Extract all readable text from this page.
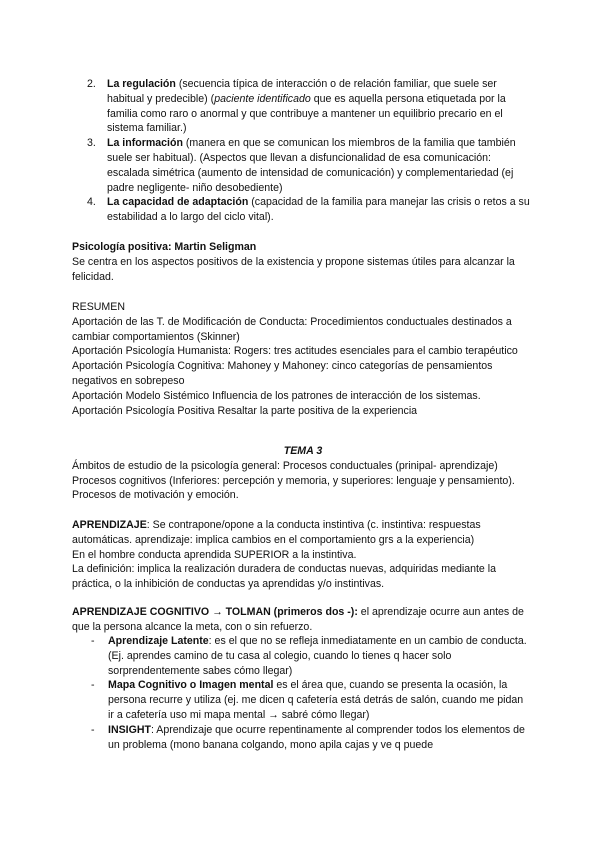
2. La regulación (secuencia típica de interacción o de relación familiar, que suele ser habitual y predecible) (paciente identificado que es aquella persona etiquetada por la familia como raro o anormal y que contribuye a mantener un equilibrio precario en el sistema familiar.)
3. La información (manera en que se comunican los miembros de la familia que también suele ser habitual). (Aspectos que llevan a disfuncionalidad de esa comunicación: escalada simétrica (aumento de intensidad de comunicación) y complementariedad (ej padre negligente- niño desobediente)
4. La capacidad de adaptación (capacidad de la familia para manejar las crisis o retos a su estabilidad a lo largo del ciclo vital).
Psicología positiva: Martin Seligman
Se centra en los aspectos positivos de la existencia y propone sistemas útiles para alcanzar la felicidad.
RESUMEN
Aportación de las T. de Modificación de Conducta: Procedimientos conductuales destinados a cambiar comportamientos (Skinner)
Aportación Psicología Humanista: Rogers: tres actitudes esenciales para el cambio terapéutico
Aportación Psicología Cognitiva: Mahoney y Mahoney: cinco categorías de pensamientos negativos en sobrepeso
Aportación Modelo Sistémico Influencia de los patrones de interacción de los sistemas.
Aportación Psicología Positiva Resaltar la parte positiva de la experiencia
TEMA 3
Ámbitos de estudio de la psicología general: Procesos conductuales (prinipal- aprendizaje)
Procesos cognitivos (Inferiores: percepción y memoria, y superiores: lenguaje y pensamiento). Procesos de motivación y emoción.
APRENDIZAJE: Se contrapone/opone a la conducta instintiva (c. instintiva: respuestas automáticas. aprendizaje: implica cambios en el comportamiento grs a la experiencia)
En el hombre conducta aprendida SUPERIOR a la instintiva.
La definición: implica la realización duradera de conductas nuevas, adquiridas mediante la práctica, o la inhibición de conductas ya aprendidas y/o instintivas.
APRENDIZAJE COGNITIVO → TOLMAN (primeros dos -): el aprendizaje ocurre aun antes de que la persona alcance la meta, con o sin refuerzo.
- Aprendizaje Latente: es el que no se refleja inmediatamente en un cambio de conducta. (Ej. aprendes camino de tu casa al colegio, cuando lo tienes q hacer solo sorprendentemente sabes cómo llegar)
- Mapa Cognitivo o Imagen mental es el área que, cuando se presenta la ocasión, la persona recurre y utiliza (ej. me dicen q cafetería está detrás de salón, cuando me pidan ir a cafetería uso mi mapa mental → sabré cómo llegar)
- INSIGHT: Aprendizaje que ocurre repentinamente al comprender todos los elementos de un problema (mono banana colgando, mono apila cajas y ve q puede
